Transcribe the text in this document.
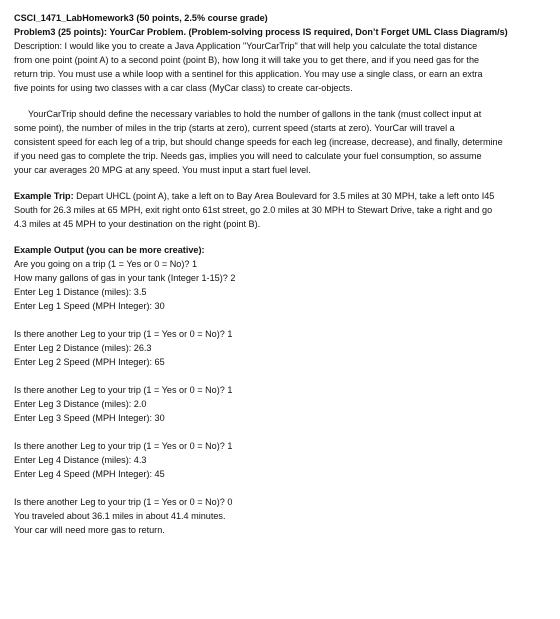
CSCI_1471_LabHomework3 (50 points, 2.5% course grade)
Problem3 (25 points): YourCar Problem. (Problem-solving process IS required, Don’t Forget UML Class Diagram/s)
Description: I would like you to create a Java Application "YourCarTrip" that will help you calculate the total distance
from one point (point A) to a second point (point B), how long it will take you to get there, and if you need gas for the
return trip. You must use a while loop with a sentinel for this application. You may use a single class, or earn an extra
five points for using two classes with a car class (MyCar class) to create car-objects.
YourCarTrip should define the necessary variables to hold the number of gallons in the tank (must collect input at
some point), the number of miles in the trip (starts at zero), current speed (starts at zero). YourCar will travel a
consistent speed for each leg of a trip, but should change speeds for each leg (increase, decrease), and finally, determine
if you need gas to complete the trip. Needs gas, implies you will need to calculate your fuel consumption, so assume
your car averages 20 MPG at any speed. You must input a start fuel level.
Example Trip: Depart UHCL (point A), take a left on to Bay Area Boulevard for 3.5 miles at 30 MPH, take a left onto I45
South for 26.3 miles at 65 MPH, exit right onto 61st street, go 2.0 miles at 30 MPH to Stewart Drive, take a right and go
4.3 miles at 45 MPH to your destination on the right (point B).
Example Output (you can be more creative):
Are you going on a trip (1 = Yes or 0 = No)? 1
How many gallons of gas in your tank (Integer 1-15)? 2
Enter Leg 1 Distance (miles): 3.5
Enter Leg 1 Speed (MPH Integer): 30
Is there another Leg to your trip (1 = Yes or 0 = No)? 1
Enter Leg 2 Distance (miles): 26.3
Enter Leg 2 Speed (MPH Integer): 65
Is there another Leg to your trip (1 = Yes or 0 = No)? 1
Enter Leg 3 Distance (miles): 2.0
Enter Leg 3 Speed (MPH Integer): 30
Is there another Leg to your trip (1 = Yes or 0 = No)? 1
Enter Leg 4 Distance (miles): 4.3
Enter Leg 4 Speed (MPH Integer): 45
Is there another Leg to your trip (1 = Yes or 0 = No)? 0
You traveled about 36.1 miles in about 41.4 minutes.
Your car will need more gas to return.
